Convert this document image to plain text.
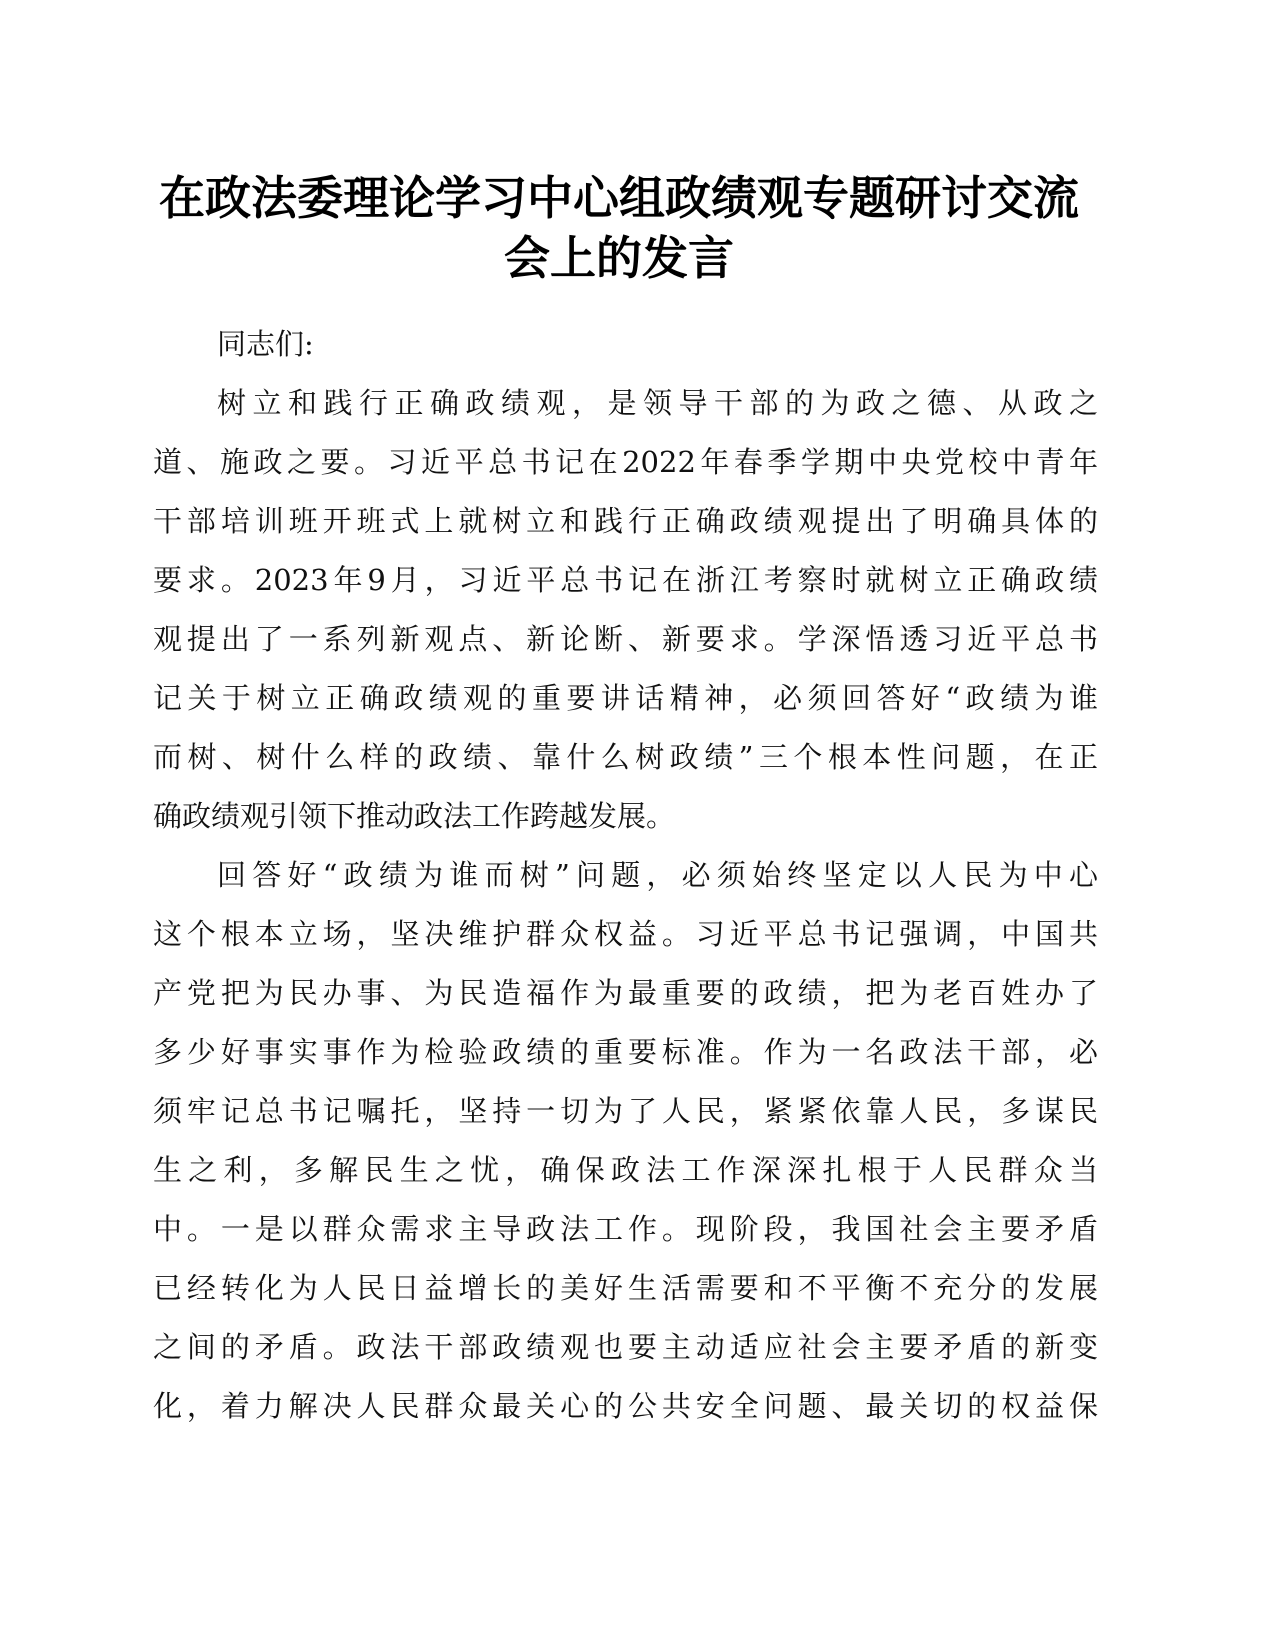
在政法委理论学习中心组政绩观专题研讨交流
会上的发言
同志们:
树立和践行正确政绩观，是领导干部的为政之德、从政之
道、施政之要。习近平总书记在2022年春季学期中央党校中青年
干部培训班开班式上就树立和践行正确政绩观提出了明确具体的
要求。2023年9月，习近平总书记在浙江考察时就树立正确政绩
观提出了一系列新观点、新论断、新要求。学深悟透习近平总书
记关于树立正确政绩观的重要讲话精神，必须回答好“政绩为谁
而树、树什么样的政绩、靠什么树政绩”三个根本性问题，在正
确政绩观引领下推动政法工作跨越发展。
回答好“政绩为谁而树”问题，必须始终坚定以人民为中心
这个根本立场，坚决维护群众权益。习近平总书记强调，中国共
产党把为民办事、为民造福作为最重要的政绩，把为老百姓办了
多少好事实事作为检验政绩的重要标准。作为一名政法干部，必
须牢记总书记嘱托，坚持一切为了人民，紧紧依靠人民，多谋民
生之利，多解民生之忧，确保政法工作深深扎根于人民群众当
中。一是以群众需求主导政法工作。现阶段，我国社会主要矛盾
已经转化为人民日益增长的美好生活需要和不平衡不充分的发展
之间的矛盾。政法干部政绩观也要主动适应社会主要矛盾的新变
化，着力解决人民群众最关心的公共安全问题、最关切的权益保
